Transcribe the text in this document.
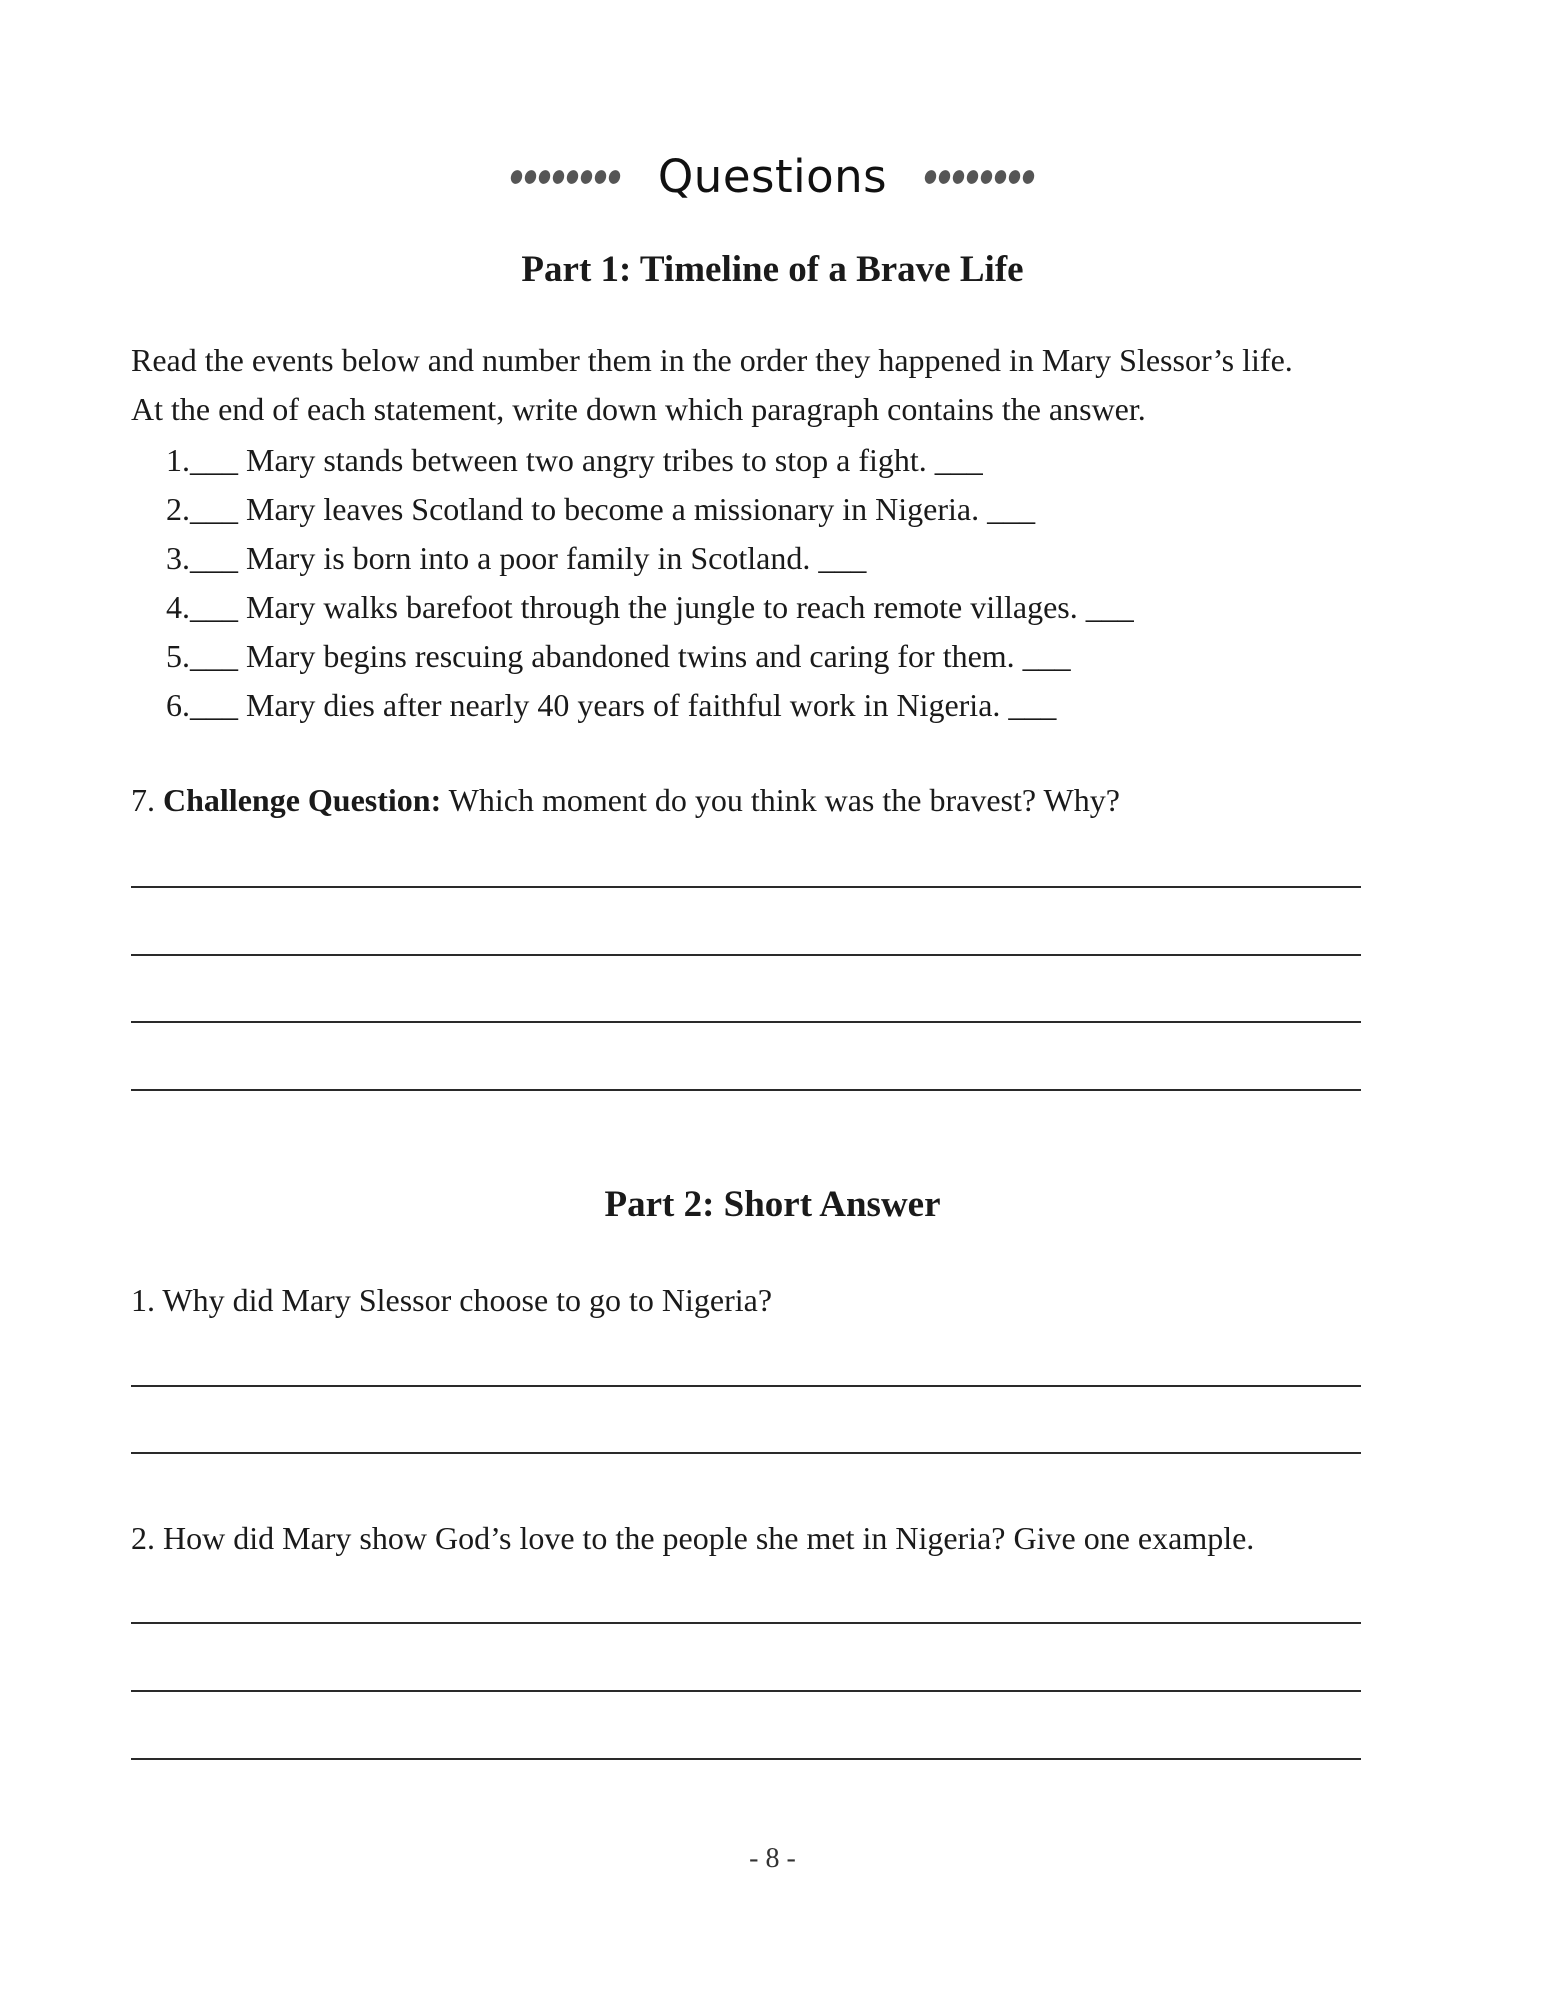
Questions
Part 1: Timeline of a Brave Life

Read the events below and number them in the order they happened in Mary Slessor’s life.

At the end of each statement, write down which paragraph contains the answer.

1.___ Mary stands between two angry tribes to stop a fight. ___
2.___ Mary leaves Scotland to become a missionary in Nigeria. ___
3.___ Mary is born into a poor family in Scotland. ___
4.___ Mary walks barefoot through the jungle to reach remote villages. ___
5.___ Mary begins rescuing abandoned twins and caring for them. ___
6.___ Mary dies after nearly 40 years of faithful work in Nigeria. ___

7. Challenge Question: Which moment do you think was the bravest? Why?

Part 2: Short Answer

1. Why did Mary Slessor choose to go to Nigeria?

2. How did Mary show God’s love to the people she met in Nigeria? Give one example.

- 8 -
